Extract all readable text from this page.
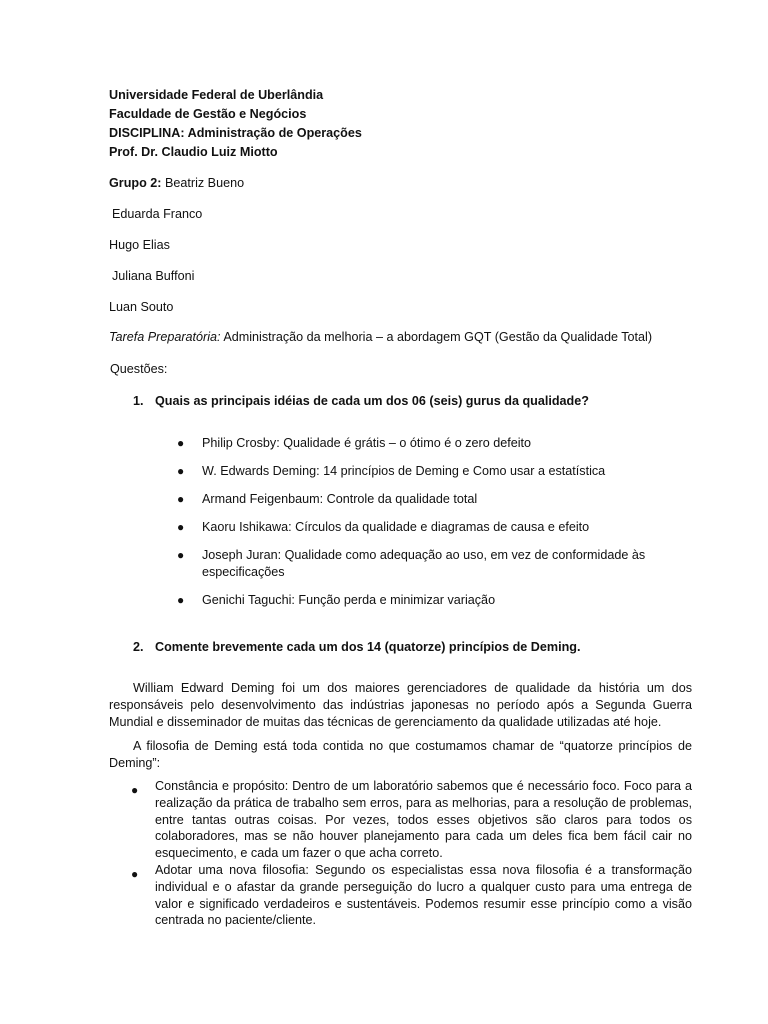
Universidade Federal de Uberlândia
Faculdade de Gestão e Negócios
DISCIPLINA: Administração de Operações
Prof. Dr. Claudio Luiz Miotto
Grupo 2: Beatriz Bueno
Eduarda Franco
Hugo Elias
Juliana Buffoni
Luan Souto
Tarefa Preparatória: Administração da melhoria – a abordagem GQT (Gestão da Qualidade Total)
Questões:
1. Quais as principais idéias de cada um dos 06 (seis) gurus da qualidade?
● Philip Crosby: Qualidade é grátis – o ótimo é o zero defeito
● W. Edwards Deming: 14 princípios de Deming e Como usar a estatística
● Armand Feigenbaum: Controle da qualidade total
● Kaoru Ishikawa: Círculos da qualidade e diagramas de causa e efeito
● Joseph Juran: Qualidade como adequação ao uso, em vez de conformidade às
especificações
● Genichi Taguchi: Função perda e minimizar variação
2. Comente brevemente cada um dos 14 (quatorze) princípios de Deming.
William Edward Deming foi um dos maiores gerenciadores de qualidade da história um dos responsáveis pelo desenvolvimento das indústrias japonesas no período após a Segunda Guerra Mundial e disseminador de muitas das técnicas de gerenciamento da qualidade utilizadas até hoje.
A filosofia de Deming está toda contida no que costumamos chamar de “quatorze princípios de Deming”:
● Constância e propósito: Dentro de um laboratório sabemos que é necessário foco. Foco para a realização da prática de trabalho sem erros, para as melhorias, para a resolução de problemas, entre tantas outras coisas. Por vezes, todos esses objetivos são claros para todos os colaboradores, mas se não houver planejamento para cada um deles fica bem fácil cair no esquecimento, e cada um fazer o que acha correto.
● Adotar uma nova filosofia: Segundo os especialistas essa nova filosofia é a transformação individual e o afastar da grande perseguição do lucro a qualquer custo para uma entrega de valor e significado verdadeiros e sustentáveis. Podemos resumir esse princípio como a visão centrada no paciente/cliente.
